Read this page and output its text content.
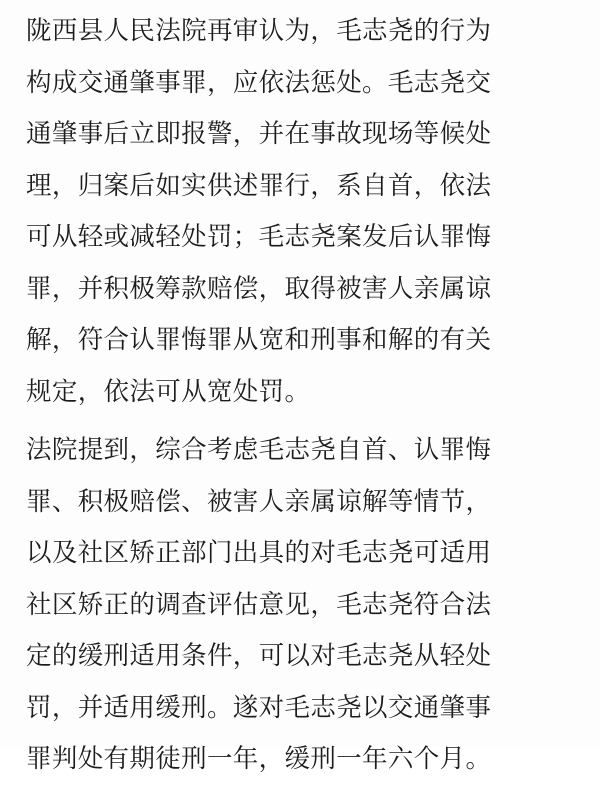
陇西县人民法院再审认为，毛志尧的行为
构成交通肇事罪，应依法惩处。毛志尧交
通肇事后立即报警，并在事故现场等候处
理，归案后如实供述罪行，系自首，依法
可从轻或减轻处罚；毛志尧案发后认罪悔
罪，并积极筹款赔偿，取得被害人亲属谅
解，符合认罪悔罪从宽和刑事和解的有关
规定，依法可从宽处罚。

法院提到，综合考虑毛志尧自首、认罪悔
罪、积极赔偿、被害人亲属谅解等情节，
以及社区矫正部门出具的对毛志尧可适用
社区矫正的调查评估意见，毛志尧符合法
定的缓刑适用条件，可以对毛志尧从轻处
罚，并适用缓刑。遂对毛志尧以交通肇事
罪判处有期徒刑一年，缓刑一年六个月。
